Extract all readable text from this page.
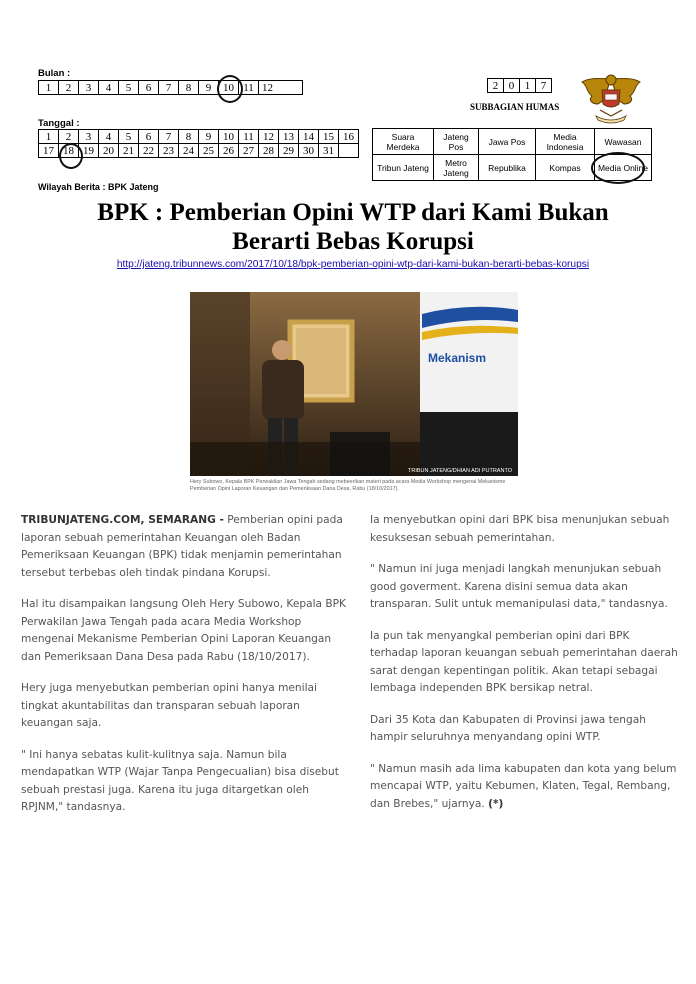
Bulan :
1	2	3	4	5	6	7	8	9	10	11	12	2	0	1	7
SUBBAGIAN HUMAS
Tanggal :
1	2	3	4	5	6	7	8	9	10	11	12	13	14	15	16
17	18	19	20	21	22	23	24	25	26	27	28	29	30	31	
Suara Merdeka	Jateng Pos	Jawa Pos	Media Indonesia	Wawasan
Tribun Jateng	Metro Jateng	Republika	Kompas	Media Online
Wilayah Berita : BPK Jateng
BPK : Pemberian Opini WTP dari Kami Bukan
Berarti Bebas Korupsi
http://jateng.tribunnews.com/2017/10/18/bpk-pemberian-opini-wtp-dari-kami-bukan-berarti-bebas-korupsi
Mekanism
TRIBUN JATENG/DHIAN ADI PUTRANTO
Hery Subowo, Kepala BPK Perwakilan Jawa Tengah sedang mebeerikan materi pada acara Media Workshop mengenai Mekanisme Pemberian Opini Laporan Keuangan dan Pemeriksaan Dana Desa, Rabu (18/10/2017).

TRIBUNJATENG.COM, SEMARANG - Pemberian opini pada laporan sebuah pemerintahan Keuangan oleh Badan Pemeriksaan Keuangan (BPK) tidak menjamin pemerintahan tersebut terbebas oleh tindak pindana Korupsi.

Hal itu disampaikan langsung Oleh Hery Subowo, Kepala BPK Perwakilan Jawa Tengah pada acara Media Workshop mengenai Mekanisme Pemberian Opini Laporan Keuangan dan Pemeriksaan Dana Desa pada Rabu (18/10/2017).

Hery juga menyebutkan pemberian opini hanya menilai tingkat akuntabilitas dan transparan sebuah laporan keuangan saja.

" Ini hanya sebatas kulit-kulitnya saja. Namun bila mendapatkan WTP (Wajar Tanpa Pengecualian) bisa disebut sebuah prestasi juga. Karena itu juga ditargetkan oleh RPJNM," tandasnya.

Ia menyebutkan opini dari BPK bisa menunjukan sebuah kesuksesan sebuah pemerintahan.

" Namun ini juga menjadi langkah menunjukan sebuah good goverment. Karena disini semua data akan transparan. Sulit untuk memanipulasi data," tandasnya.

Ia pun tak menyangkal pemberian opini dari BPK terhadap laporan keuangan sebuah pemerintahan daerah sarat dengan kepentingan politik. Akan tetapi sebagai lembaga independen BPK bersikap netral.

Dari 35 Kota dan Kabupaten di Provinsi jawa tengah hampir seluruhnya menyandang opini WTP.

" Namun masih ada lima kabupaten dan kota yang belum mencapai WTP, yaitu Kebumen, Klaten, Tegal, Rembang, dan Brebes," ujarnya. (*)
